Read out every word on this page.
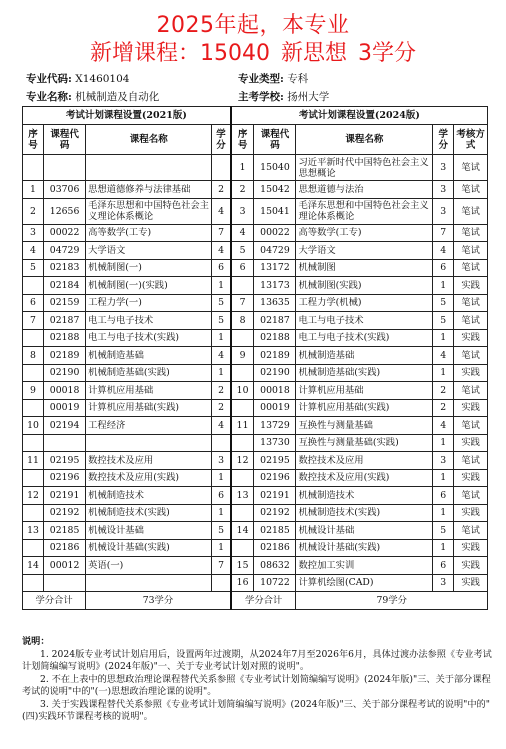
2025年起，本专业
新增课程：15040 新思想 3学分
专业代码: X1460104	专业类型: 专科
专业名称: 机械制造及自动化	主考学校: 扬州大学
考试计划课程设置(2021版)				考试计划课程设置(2024版)				
序号	课程代码	课程名称	学分	序号	课程代码	课程名称	学分	考核方式
				1	15040	习近平新时代中国特色社会主义思想概论	3	笔试
1	03706	思想道德修养与法律基础	2	2	15042	思想道德与法治	3	笔试
2	12656	毛泽东思想和中国特色社会主义理论体系概论	4	3	15041	毛泽东思想和中国特色社会主义理论体系概论	3	笔试
3	00022	高等数学(工专)	7	4	00022	高等数学(工专)	7	笔试
4	04729	大学语文	4	5	04729	大学语文	4	笔试
5	02183	机械制图(一)	6	6	13172	机械制图	6	笔试
	02184	机械制图(一)(实践)	1		13173	机械制图(实践)	1	实践
6	02159	工程力学(一)	5	7	13635	工程力学(机械)	5	笔试
7	02187	电工与电子技术	5	8	02187	电工与电子技术	5	笔试
	02188	电工与电子技术(实践)	1		02188	电工与电子技术(实践)	1	实践
8	02189	机械制造基础	4	9	02189	机械制造基础	4	笔试
	02190	机械制造基础(实践)	1		02190	机械制造基础(实践)	1	实践
9	00018	计算机应用基础	2	10	00018	计算机应用基础	2	笔试
	00019	计算机应用基础(实践)	2		00019	计算机应用基础(实践)	2	实践
10	02194	工程经济	4	11	13729	互换性与测量基础	4	笔试
					13730	互换性与测量基础(实践)	1	实践
11	02195	数控技术及应用	3	12	02195	数控技术及应用	3	笔试
	02196	数控技术及应用(实践)	1		02196	数控技术及应用(实践)	1	实践
12	02191	机械制造技术	6	13	02191	机械制造技术	6	笔试
	02192	机械制造技术(实践)	1		02192	机械制造技术(实践)	1	实践
13	02185	机械设计基础	5	14	02185	机械设计基础	5	笔试
	02186	机械设计基础(实践)	1		02186	机械设计基础(实践)	1	实践
14	00012	英语(一)	7	15	08632	数控加工实训	6	实践
				16	10722	计算机绘图(CAD)	3	实践
学分合计		73学分		学分合计		79学分		
说明：

1. 2024版专业考试计划启用后，设置两年过渡期，从2024年7月至2026年6月，具体过渡办法参照《专业考试计划简编编写说明》(2024年版)"一、关于专业考试计划对照的说明"。

2. 不在上表中的思想政治理论课程替代关系参照《专业考试计划简编编写说明》(2024年版)"三、关于部分课程考试的说明"中的"(一)思想政治理论课的说明"。

3. 关于实践课程替代关系参照《专业考试计划简编编写说明》(2024年版)"三、关于部分课程考试的说明"中的"(四)实践环节课程考核的说明"。
